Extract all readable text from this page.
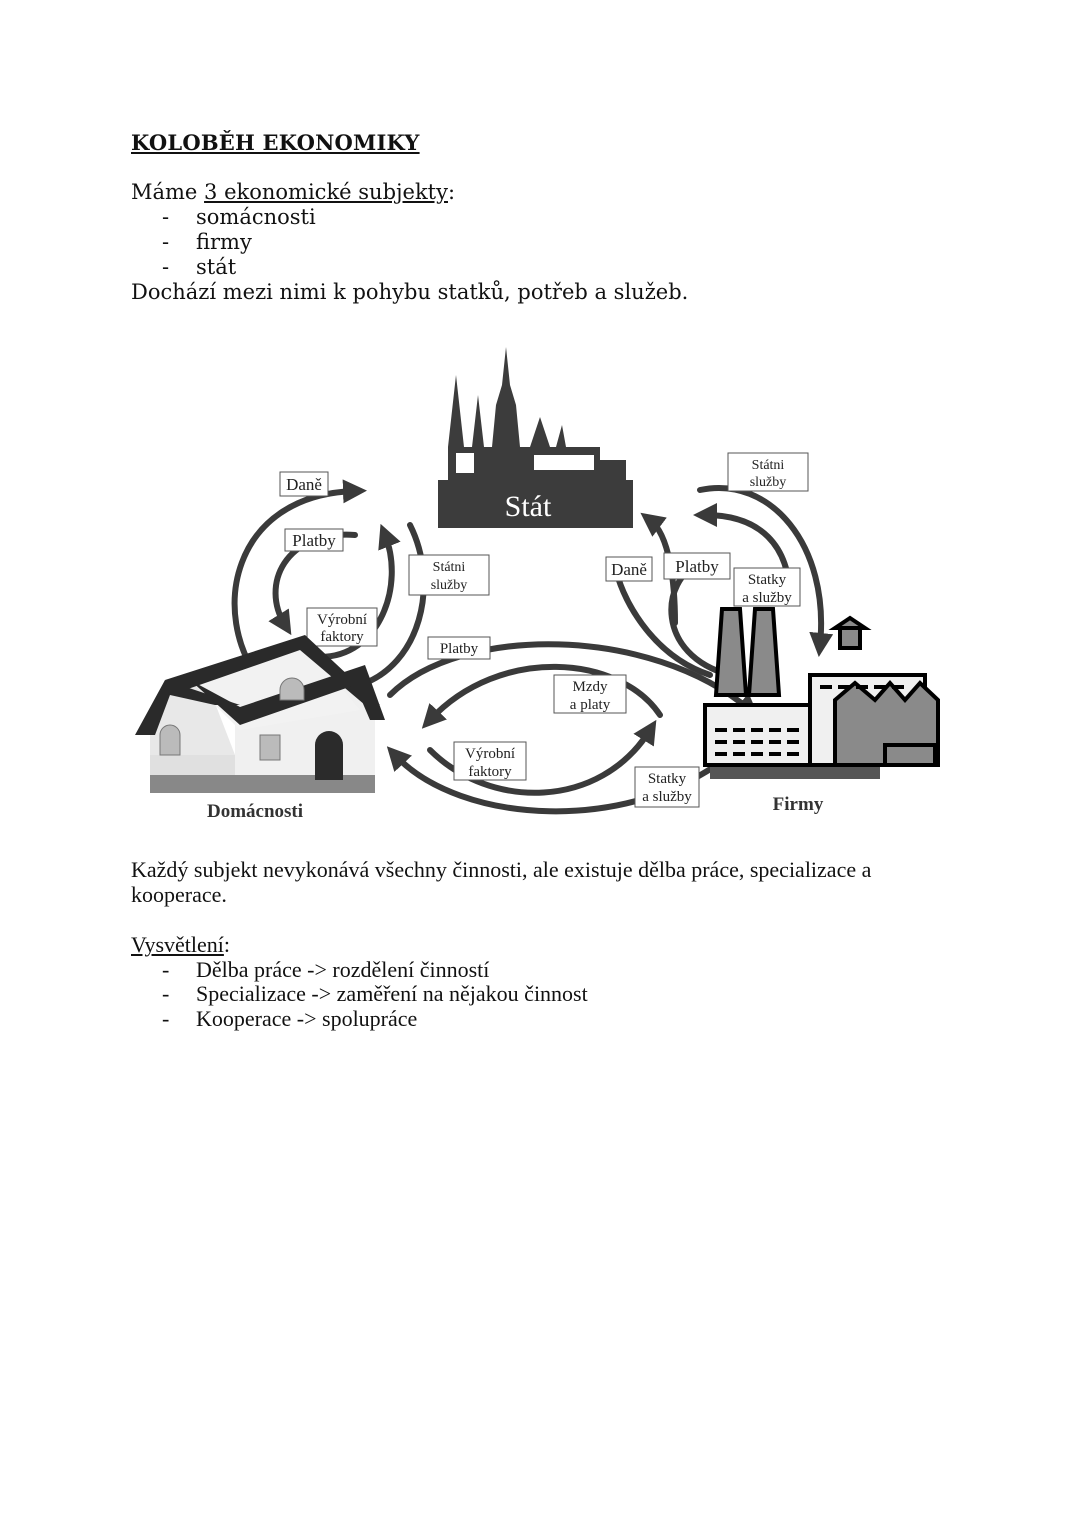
KOLOBĚH EKONOMIKY
Máme 3 ekonomické subjekty:
- somácnosti
- firmy
- stát
Dochází mezi nimi k pohybu statků, potřeb a služeb.
Stát
Daně
Platby
Státni
služby
Výrobní
faktory
Státni
služby
Daně Platby
Statky
a služby
Platby
Mzdy
a platy
Výrobní
faktory	Statky
a služby
Domácnosti	Firmy
Každý subjekt nevykonává všechny činnosti, ale existuje dělba práce, specializace a
kooperace.
Vysvětlení:
- Dělba práce -> rozdělení činností
- Specializace -> zaměření na nějakou činnost
- Kooperace -> spolupráce
